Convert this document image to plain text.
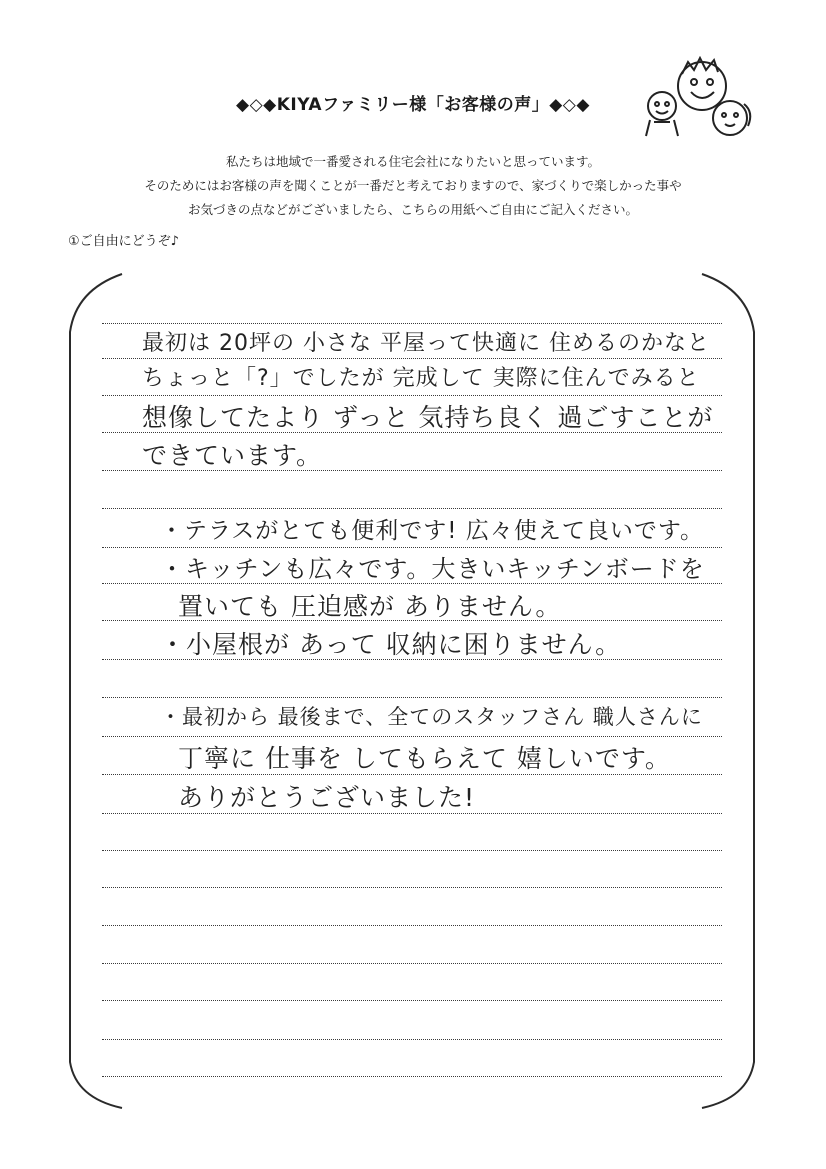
◆◇◆KIYAファミリー様「お客様の声」◆◇◆
私たちは地域で一番愛される住宅会社になりたいと思っています。
そのためにはお客様の声を聞くことが一番だと考えておりますので、家づくりで楽しかった事や
お気づきの点などがございましたら、こちらの用紙へご自由にご記入ください。
①ご自由にどうぞ♪
最初は 20坪の 小さな 平屋って快適に 住めるのかなと
ちょっと「?」でしたが 完成して 実際に住んでみると
想像してたより ずっと 気持ち良く 過ごすことが
できています。
・テラスがとても便利です! 広々使えて良いです。
・キッチンも広々です。大きいキッチンボードを
置いても 圧迫感が ありません。
・小屋根が あって 収納に困りません。
・最初から 最後まで、全てのスタッフさん 職人さんに
丁寧に 仕事を してもらえて 嬉しいです。
ありがとうございました!
